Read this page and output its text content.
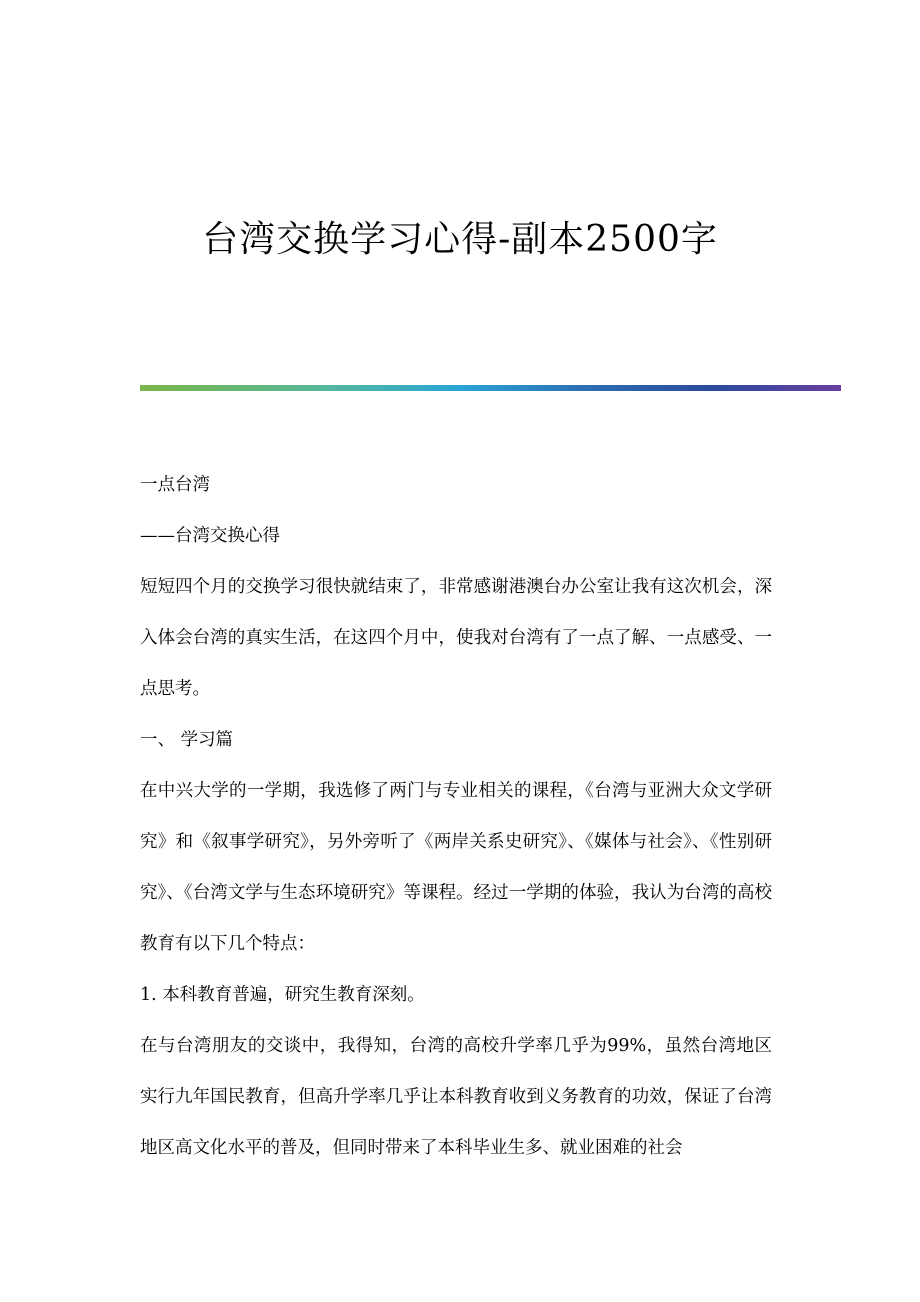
台湾交换学习心得-副本2500字

一点台湾

——台湾交换心得

短短四个月的交换学习很快就结束了，非常感谢港澳台办公室让我有这次机会，深入体会台湾的真实生活，在这四个月中，使我对台湾有了一点了解、一点感受、一点思考。

一、 学习篇

在中兴大学的一学期，我选修了两门与专业相关的课程，《台湾与亚洲大众文学研究》和《叙事学研究》，另外旁听了《两岸关系史研究》、《媒体与社会》、《性别研究》、《台湾文学与生态环境研究》等课程。经过一学期的体验，我认为台湾的高校教育有以下几个特点：

1. 本科教育普遍，研究生教育深刻。

在与台湾朋友的交谈中，我得知，台湾的高校升学率几乎为99%，虽然台湾地区实行九年国民教育，但高升学率几乎让本科教育收到义务教育的功效，保证了台湾地区高文化水平的普及，但同时带来了本科毕业生多、就业困难的社会
